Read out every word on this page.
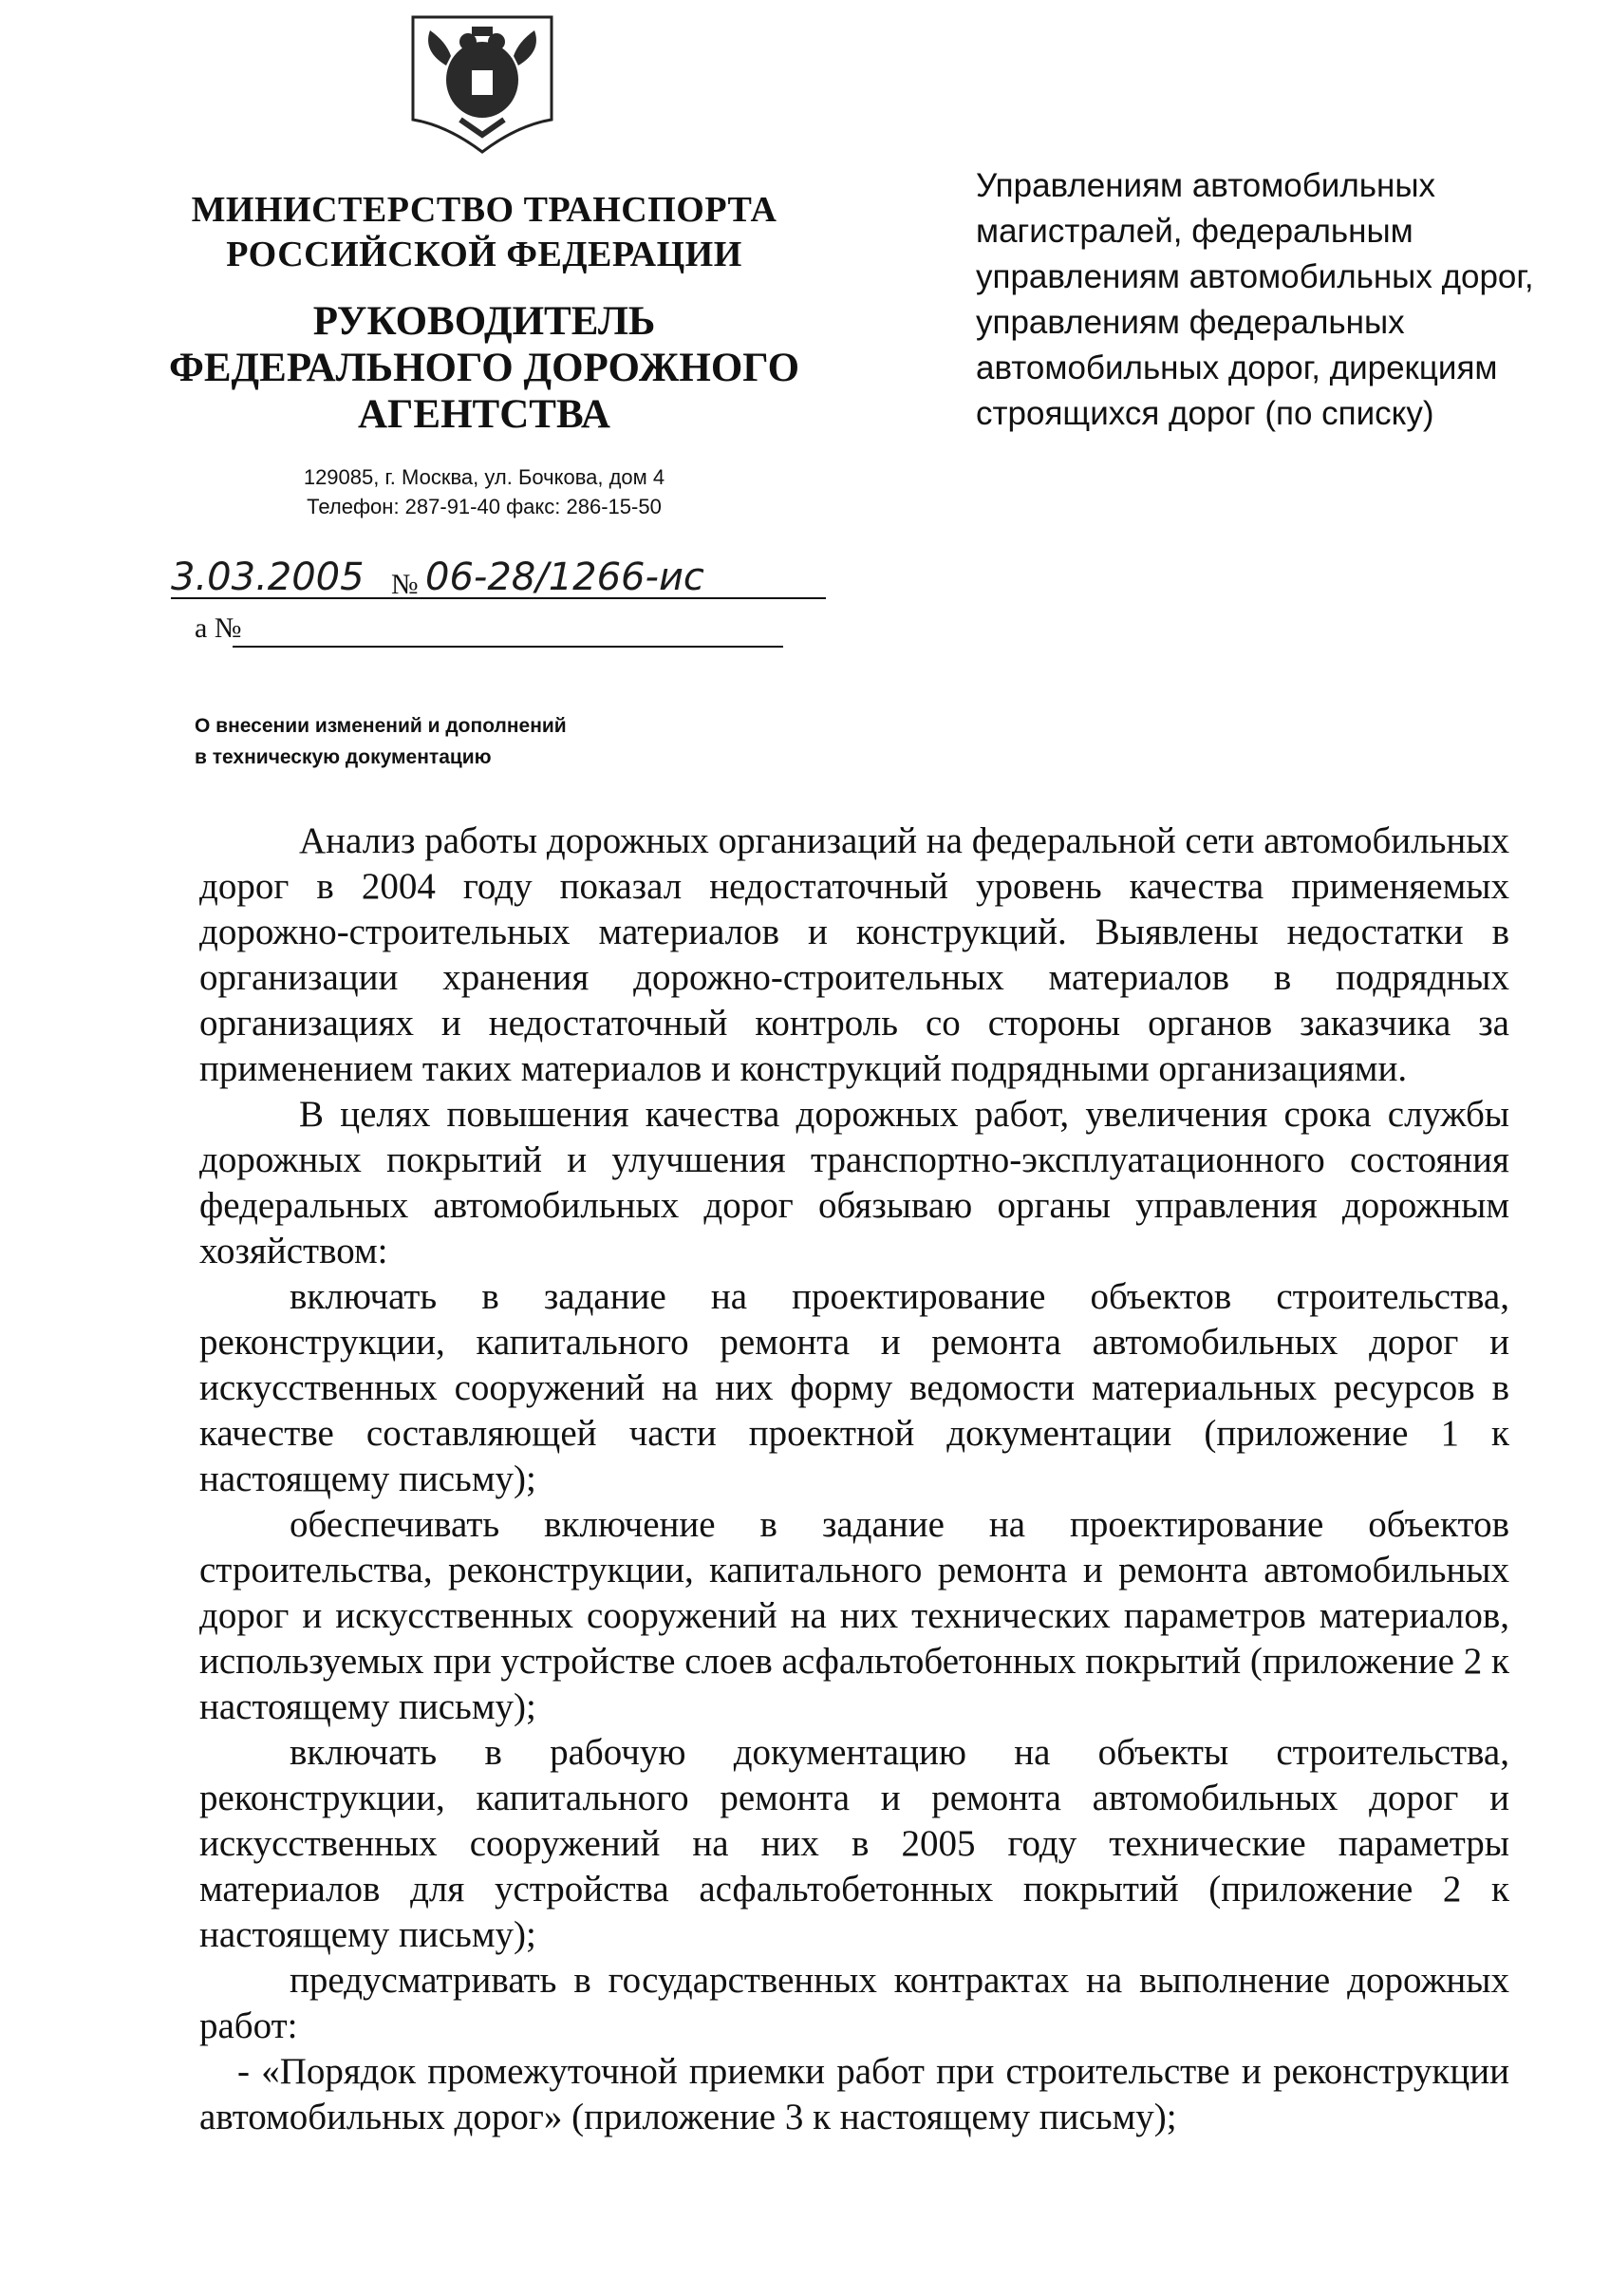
МИНИСТЕРСТВО ТРАНСПОРТА РОССИЙСКОЙ ФЕДЕРАЦИИ
РУКОВОДИТЕЛЬ
ФЕДЕРАЛЬНОГО ДОРОЖНОГО
АГЕНТСТВА
129085, г. Москва, ул. Бочкова, дом 4
Телефон: 287-91-40 факс: 286-15-50
3.03.2005 № 06-28/1266-ис
а №
Управлениям автомобильных магистралей, федеральным управлениям автомобильных дорог, управлениям федеральных автомобильных дорог, дирекциям строящихся дорог (по списку)
О внесении изменений и дополнений
в техническую документацию

Анализ работы дорожных организаций на федеральной сети автомобильных дорог в 2004 году показал недостаточный уровень качества применяемых дорожно-строительных материалов и конструкций. Выявлены недостатки в организации хранения дорожно-строительных материалов в подрядных организациях и недостаточный контроль со стороны органов заказчика за применением таких материалов и конструкций подрядными организациями.

В целях повышения качества дорожных работ, увеличения срока службы дорожных покрытий и улучшения транспортно-эксплуатационного состояния федеральных автомобильных дорог обязываю органы управления дорожным хозяйством:

включать в задание на проектирование объектов строительства, реконструкции, капитального ремонта и ремонта автомобильных дорог и искусственных сооружений на них форму ведомости материальных ресурсов в качестве составляющей части проектной документации (приложение 1 к настоящему письму);

обеспечивать включение в задание на проектирование объектов строительства, реконструкции, капитального ремонта и ремонта автомобильных дорог и искусственных сооружений на них технических параметров материалов, используемых при устройстве слоев асфальтобетонных покрытий (приложение 2 к настоящему письму);

включать в рабочую документацию на объекты строительства, реконструкции, капитального ремонта и ремонта автомобильных дорог и искусственных сооружений на них в 2005 году технические параметры материалов для устройства асфальтобетонных покрытий (приложение 2 к настоящему письму);

предусматривать в государственных контрактах на выполнение дорожных работ:

- «Порядок промежуточной приемки работ при строительстве и реконструкции автомобильных дорог» (приложение 3 к настоящему письму);
